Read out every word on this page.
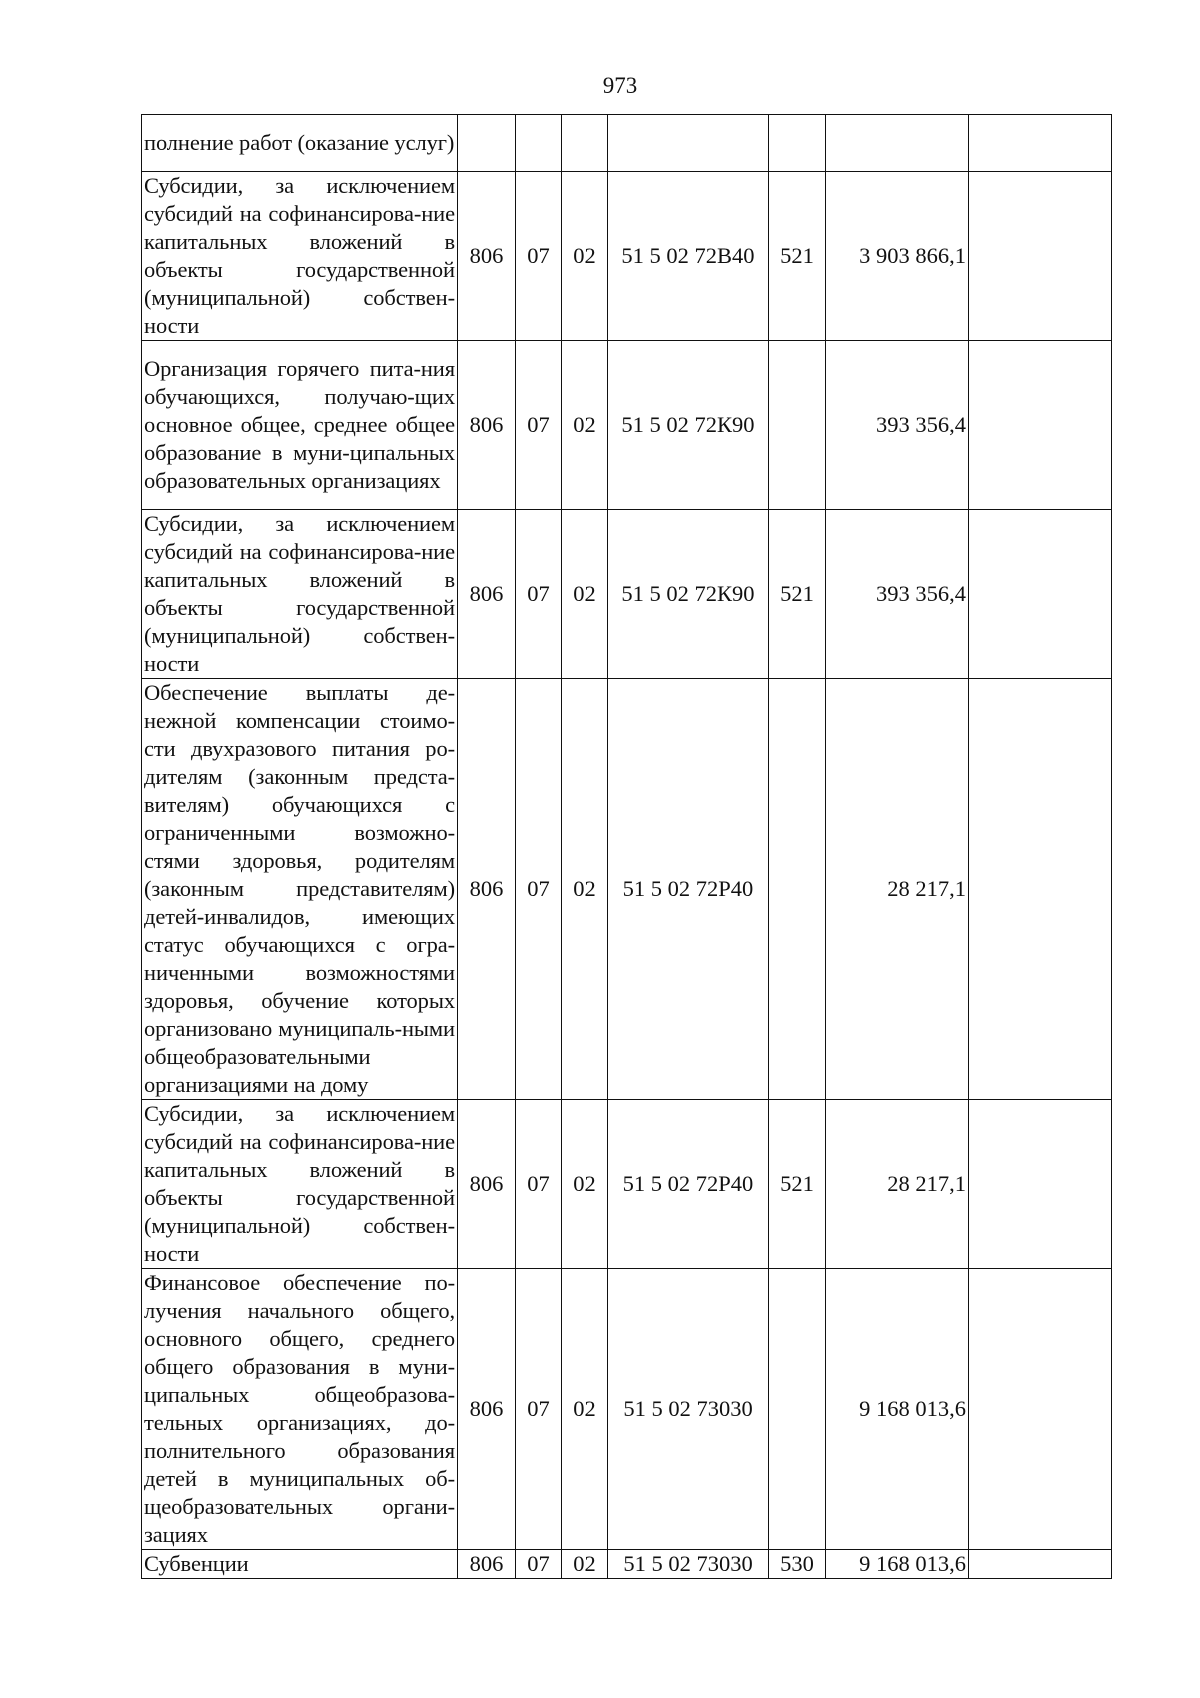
973
полнение работ (оказание услуг)							
Субсидии, за исключением субсидий на софинансирова-ние капитальных вложений в объекты государственной (муниципальной) собствен-ности	806	07	02	51 5 02 72В40	521	3 903 866,1	
Организация горячего пита-ния обучающихся, получаю-щих основное общее, среднее общее образование в муни-ципальных образовательных организациях	806	07	02	51 5 02 72К90		393 356,4	
Субсидии, за исключением субсидий на софинансирова-ние капитальных вложений в объекты государственной (муниципальной) собствен-ности	806	07	02	51 5 02 72К90	521	393 356,4	
Обеспечение выплаты де-нежной компенсации стоимо-сти двухразового питания ро-дителям (законным предста-вителям) обучающихся с ограниченными возможно-стями здоровья, родителям (законным представителям) детей-инвалидов, имеющих статус обучающихся с огра-ниченными возможностями здоровья, обучение которых организовано муниципаль-ными общеобразовательными организациями на дому	806	07	02	51 5 02 72Р40		28 217,1	
Субсидии, за исключением субсидий на софинансирова-ние капитальных вложений в объекты государственной (муниципальной) собствен-ности	806	07	02	51 5 02 72Р40	521	28 217,1	
Финансовое обеспечение по-лучения начального общего, основного общего, среднего общего образования в муни-ципальных общеобразова-тельных организациях, до-полнительного образования детей в муниципальных об-щеобразовательных органи-зациях	806	07	02	51 5 02 73030		9 168 013,6	
Субвенции	806	07	02	51 5 02 73030	530	9 168 013,6	
